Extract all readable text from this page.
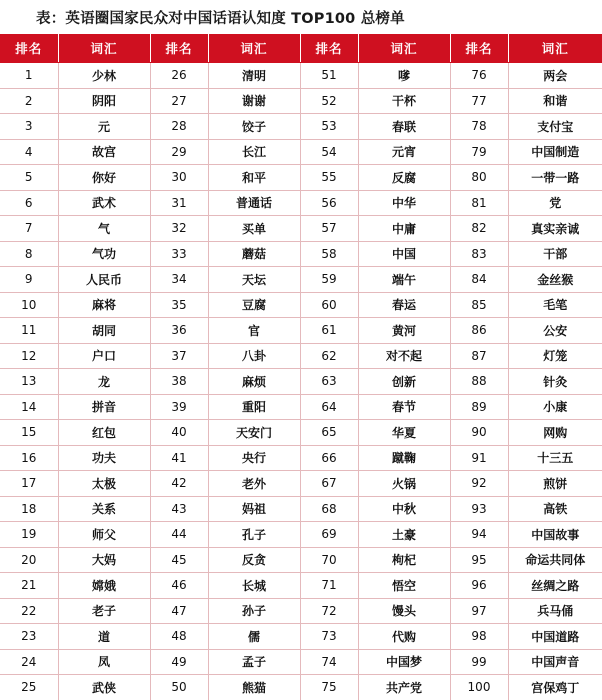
表：英语圈国家民众对中国话语认知度 TOP100 总榜单
排名	词汇	排名	词汇	排名	词汇	排名	词汇
1	少林	26	清明	51	嗲	76	两会
2	阴阳	27	谢谢	52	干杯	77	和谐
3	元	28	饺子	53	春联	78	支付宝
4	故宫	29	长江	54	元宵	79	中国制造
5	你好	30	和平	55	反腐	80	一带一路
6	武术	31	普通话	56	中华	81	党
7	气	32	买单	57	中庸	82	真实亲诚
8	气功	33	蘑菇	58	中国	83	干部
9	人民币	34	天坛	59	端午	84	金丝猴
10	麻将	35	豆腐	60	春运	85	毛笔
11	胡同	36	官	61	黄河	86	公安
12	户口	37	八卦	62	对不起	87	灯笼
13	龙	38	麻烦	63	创新	88	针灸
14	拼音	39	重阳	64	春节	89	小康
15	红包	40	天安门	65	华夏	90	网购
16	功夫	41	央行	66	蹴鞠	91	十三五
17	太极	42	老外	67	火锅	92	煎饼
18	关系	43	妈祖	68	中秋	93	高铁
19	师父	44	孔子	69	土豪	94	中国故事
20	大妈	45	反贪	70	枸杞	95	命运共同体
21	嫦娥	46	长城	71	悟空	96	丝绸之路
22	老子	47	孙子	72	馒头	97	兵马俑
23	道	48	儒	73	代购	98	中国道路
24	凤	49	孟子	74	中国梦	99	中国声音
25	武侠	50	熊猫	75	共产党	100	宫保鸡丁
